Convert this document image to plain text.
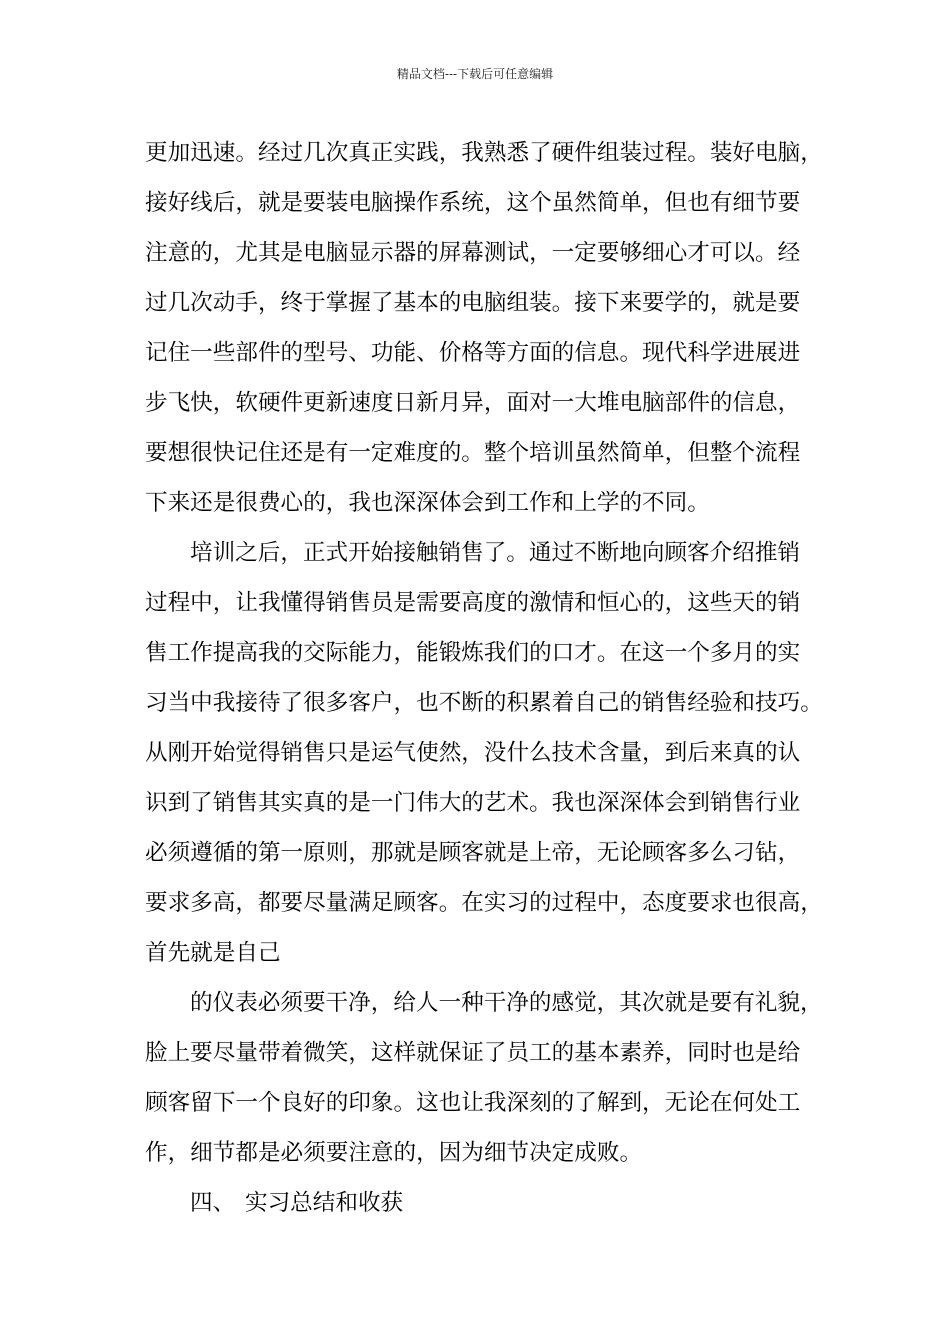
精品文档---下载后可任意编辑
更加迅速。经过几次真正实践，我熟悉了硬件组装过程。装好电脑，
接好线后，就是要装电脑操作系统，这个虽然简单，但也有细节要
注意的，尤其是电脑显示器的屏幕测试，一定要够细心才可以。经
过几次动手，终于掌握了基本的电脑组装。接下来要学的，就是要
记住一些部件的型号、功能、价格等方面的信息。现代科学进展进
步飞快，软硬件更新速度日新月异，面对一大堆电脑部件的信息，
要想很快记住还是有一定难度的。整个培训虽然简单，但整个流程
下来还是很费心的，我也深深体会到工作和上学的不同。
培训之后，正式开始接触销售了。通过不断地向顾客介绍推销
过程中，让我懂得销售员是需要高度的激情和恒心的，这些天的销
售工作提高我的交际能力，能锻炼我们的口才。在这一个多月的实
习当中我接待了很多客户，也不断的积累着自己的销售经验和技巧。
从刚开始觉得销售只是运气使然，没什么技术含量，到后来真的认
识到了销售其实真的是一门伟大的艺术。我也深深体会到销售行业
必须遵循的第一原则，那就是顾客就是上帝，无论顾客多么刁钻，
要求多高，都要尽量满足顾客。在实习的过程中，态度要求也很高，
首先就是自己
的仪表必须要干净，给人一种干净的感觉，其次就是要有礼貌，
脸上要尽量带着微笑，这样就保证了员工的基本素养，同时也是给
顾客留下一个良好的印象。这也让我深刻的了解到，无论在何处工
作，细节都是必须要注意的，因为细节决定成败。
四、 实习总结和收获
